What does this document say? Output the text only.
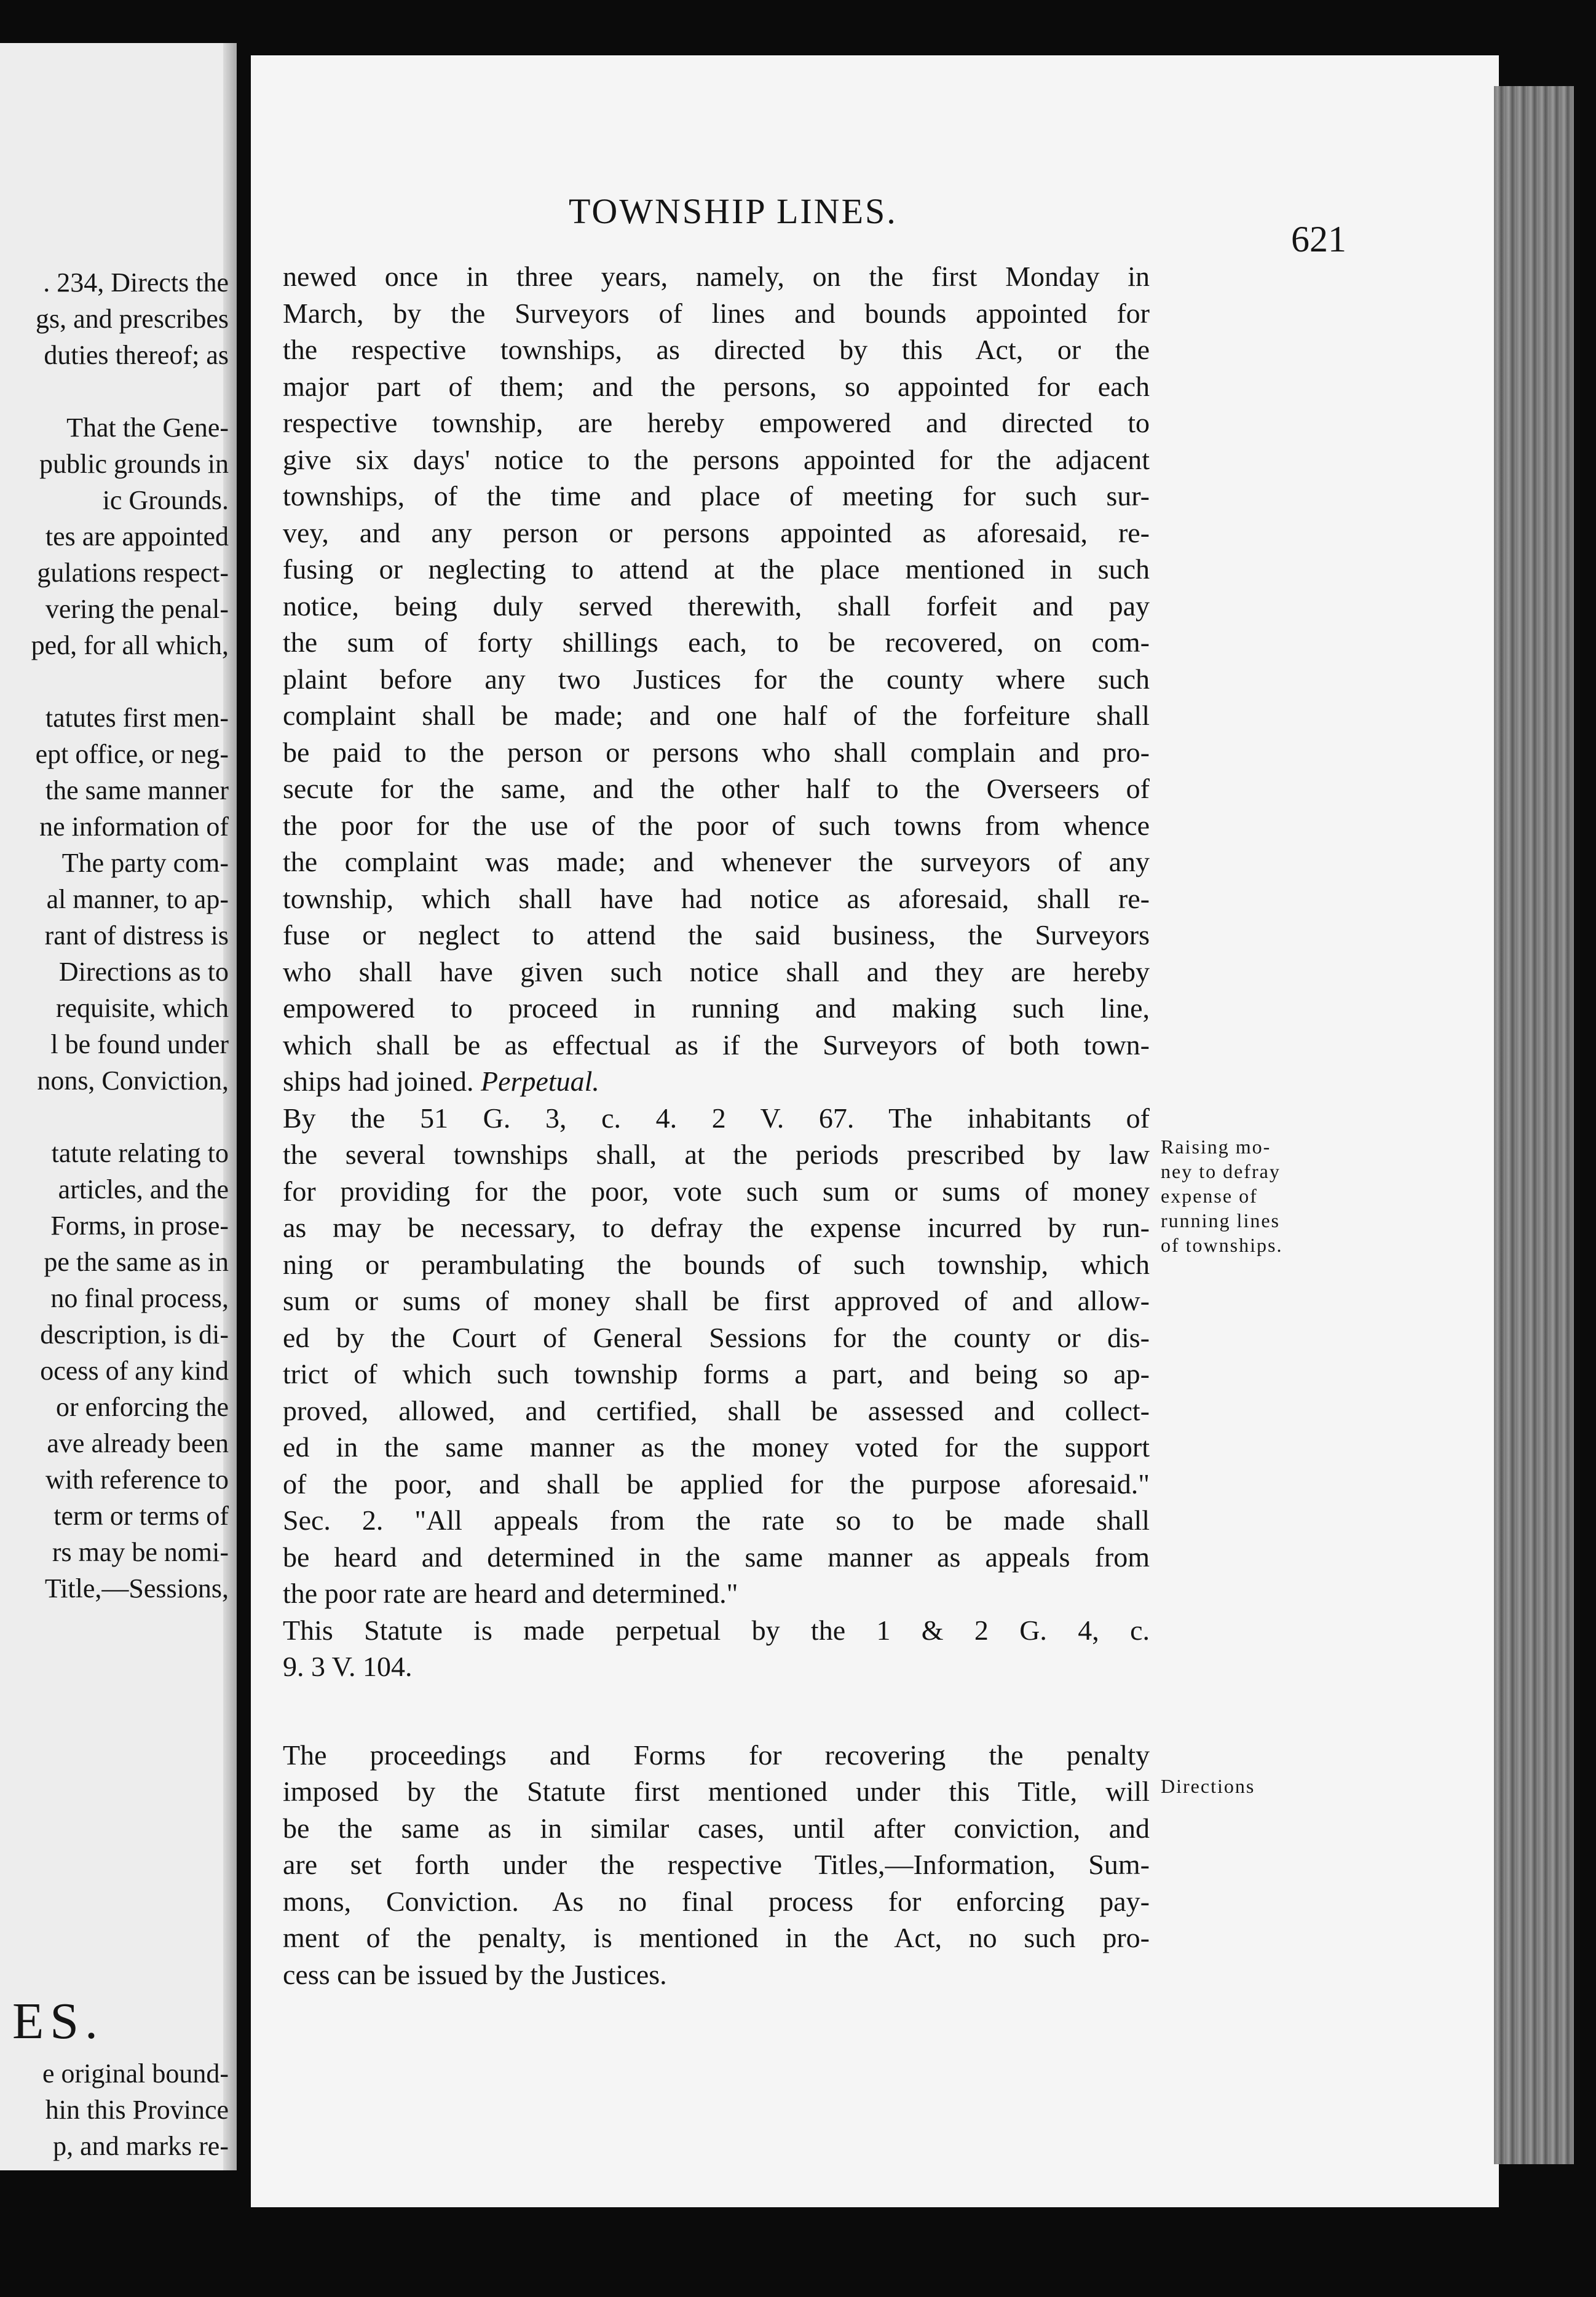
. 234, Directs the
gs, and prescribes
duties thereof; as
That the Gene-
public grounds in
ic Grounds.
tes are appointed
gulations respect-
vering the penal-
ped, for all which,
tatutes first men-
ept office, or neg-
the same manner
ne information of
The party com-
al manner, to ap-
rant of distress is
Directions as to
requisite, which
l be found under
nons, Conviction,
tatute relating to
articles, and the
Forms, in prose-
pe the same as in
no final process,
description, is di-
ocess of any kind
or enforcing the
ave already been
with reference to
term or terms of
rs may be nomi-
Title,—Sessions,
ES.
e original bound-
hin this Province
p, and marks re-
TOWNSHIP LINES.
621
newed once in three years, namely, on the first Monday in
March, by the Surveyors of lines and bounds appointed for
the respective townships, as directed by this Act, or the
major part of them; and the persons, so appointed for each
respective township, are hereby empowered and directed to
give six days' notice to the persons appointed for the adjacent
townships, of the time and place of meeting for such sur-
vey, and any person or persons appointed as aforesaid, re-
fusing or neglecting to attend at the place mentioned in such
notice, being duly served therewith, shall forfeit and pay
the sum of forty shillings each, to be recovered, on com-
plaint before any two Justices for the county where such
complaint shall be made; and one half of the forfeiture shall
be paid to the person or persons who shall complain and pro-
secute for the same, and the other half to the Overseers of
the poor for the use of the poor of such towns from whence
the complaint was made; and whenever the surveyors of any
township, which shall have had notice as aforesaid, shall re-
fuse or neglect to attend the said business, the Surveyors
who shall have given such notice shall and they are hereby
empowered to proceed in running and making such line,
which shall be as effectual as if the Surveyors of both town-
ships had joined. Perpetual.
By the 51 G. 3, c. 4. 2 V. 67. The inhabitants of
the several townships shall, at the periods prescribed by law
for providing for the poor, vote such sum or sums of money
as may be necessary, to defray the expense incurred by run-
ning or perambulating the bounds of such township, which
sum or sums of money shall be first approved of and allow-
ed by the Court of General Sessions for the county or dis-
trict of which such township forms a part, and being so ap-
proved, allowed, and certified, shall be assessed and collect-
ed in the same manner as the money voted for the support
of the poor, and shall be applied for the purpose aforesaid."
Sec. 2. "All appeals from the rate so to be made shall
be heard and determined in the same manner as appeals from
the poor rate are heard and determined."
This Statute is made perpetual by the 1 & 2 G. 4, c.
9. 3 V. 104.
The proceedings and Forms for recovering the penalty
imposed by the Statute first mentioned under this Title, will
be the same as in similar cases, until after conviction, and
are set forth under the respective Titles,—Information, Sum-
mons, Conviction. As no final process for enforcing pay-
ment of the penalty, is mentioned in the Act, no such pro-
cess can be issued by the Justices.
Raising mo-
ney to defray
expense of
running lines
of townships.
Directions
